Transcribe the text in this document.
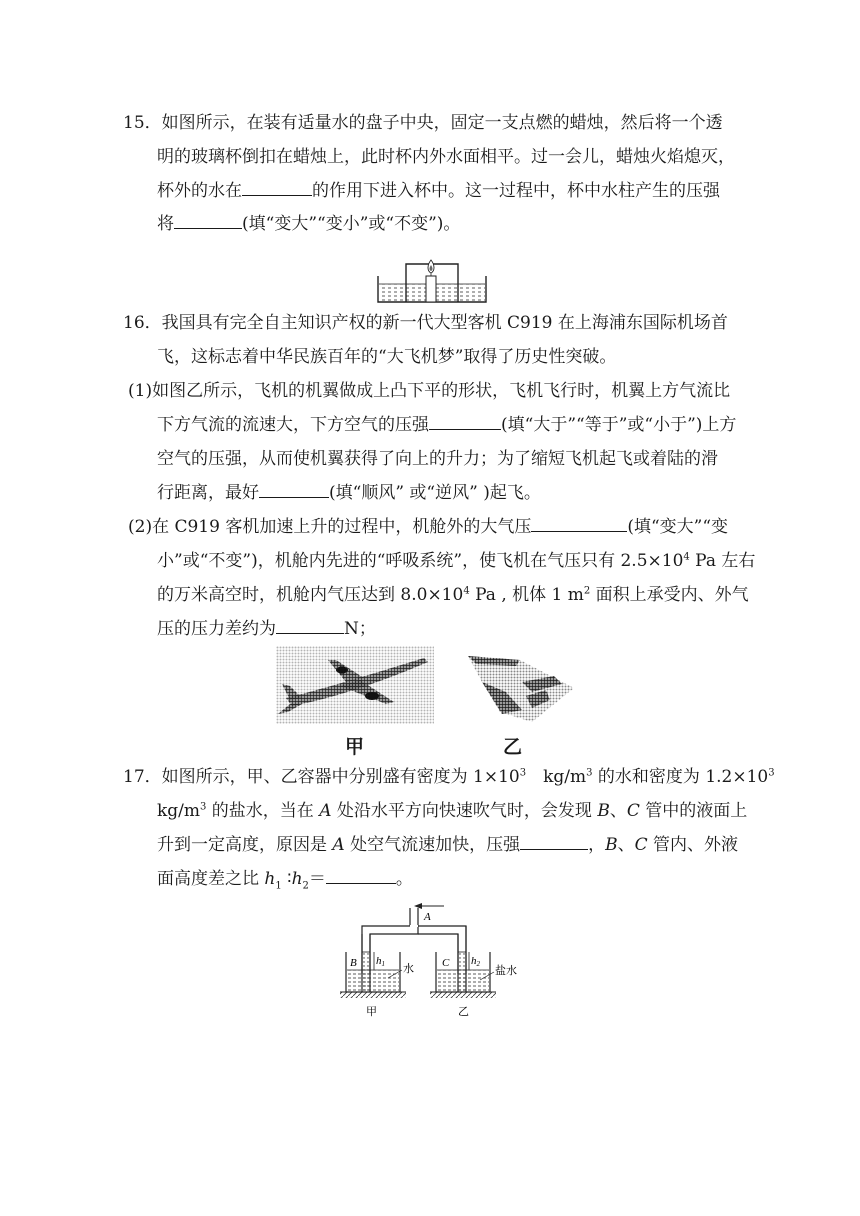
15．如图所示，在装有适量水的盘子中央，固定一支点燃的蜡烛，然后将一个透
明的玻璃杯倒扣在蜡烛上，此时杯内外水面相平。过一会儿，蜡烛火焰熄灭，
杯外的水在	的作用下进入杯中。这一过程中，杯中水柱产生的压强
将	(填“变大”“变小”或“不变”)。
16．我国具有完全自主知识产权的新一代大型客机 C919 在上海浦东国际机场首
飞，这标志着中华民族百年的“大飞机梦”取得了历史性突破。
(1)如图乙所示，飞机的机翼做成上凸下平的形状，飞机飞行时，机翼上方气流比
下方气流的流速大，下方空气的压强	(填“大于”“等于”或“小于”)上方
空气的压强，从而使机翼获得了向上的升力；为了缩短飞机起飞或着陆的滑
行距离，最好	(填“顺风” 或“逆风” )起飞。
(2)在 C919 客机加速上升的过程中，机舱外的大气压	(填“变大”“变
小”或“不变”)，机舱内先进的“呼吸系统”，使飞机在气压只有 $2.5\times 10^4$ Pa 左右
的万米高空时，机舱内气压达到 $8.0\times 10^4$ Pa , 机体 1 $m^2$ 面积上承受内、外气
压的压力差约为	N；
甲	乙
17．如图所示，甲、乙容器中分别盛有密度为 $1\times 10^3$　$kg/m^3$ 的水和密度为 $1.2\times 10^3$
$kg/m^3$ 的盐水，当在 A 处沿水平方向快速吹气时，会发现 B、C 管中的液面上
升到一定高度，原因是 A 处空气流速加快，压强	，B、C 管内、外液
面高度差之比 $h_1$ $∶h_2=$	。
A
B h1 水
甲
C h2
盐水
乙
